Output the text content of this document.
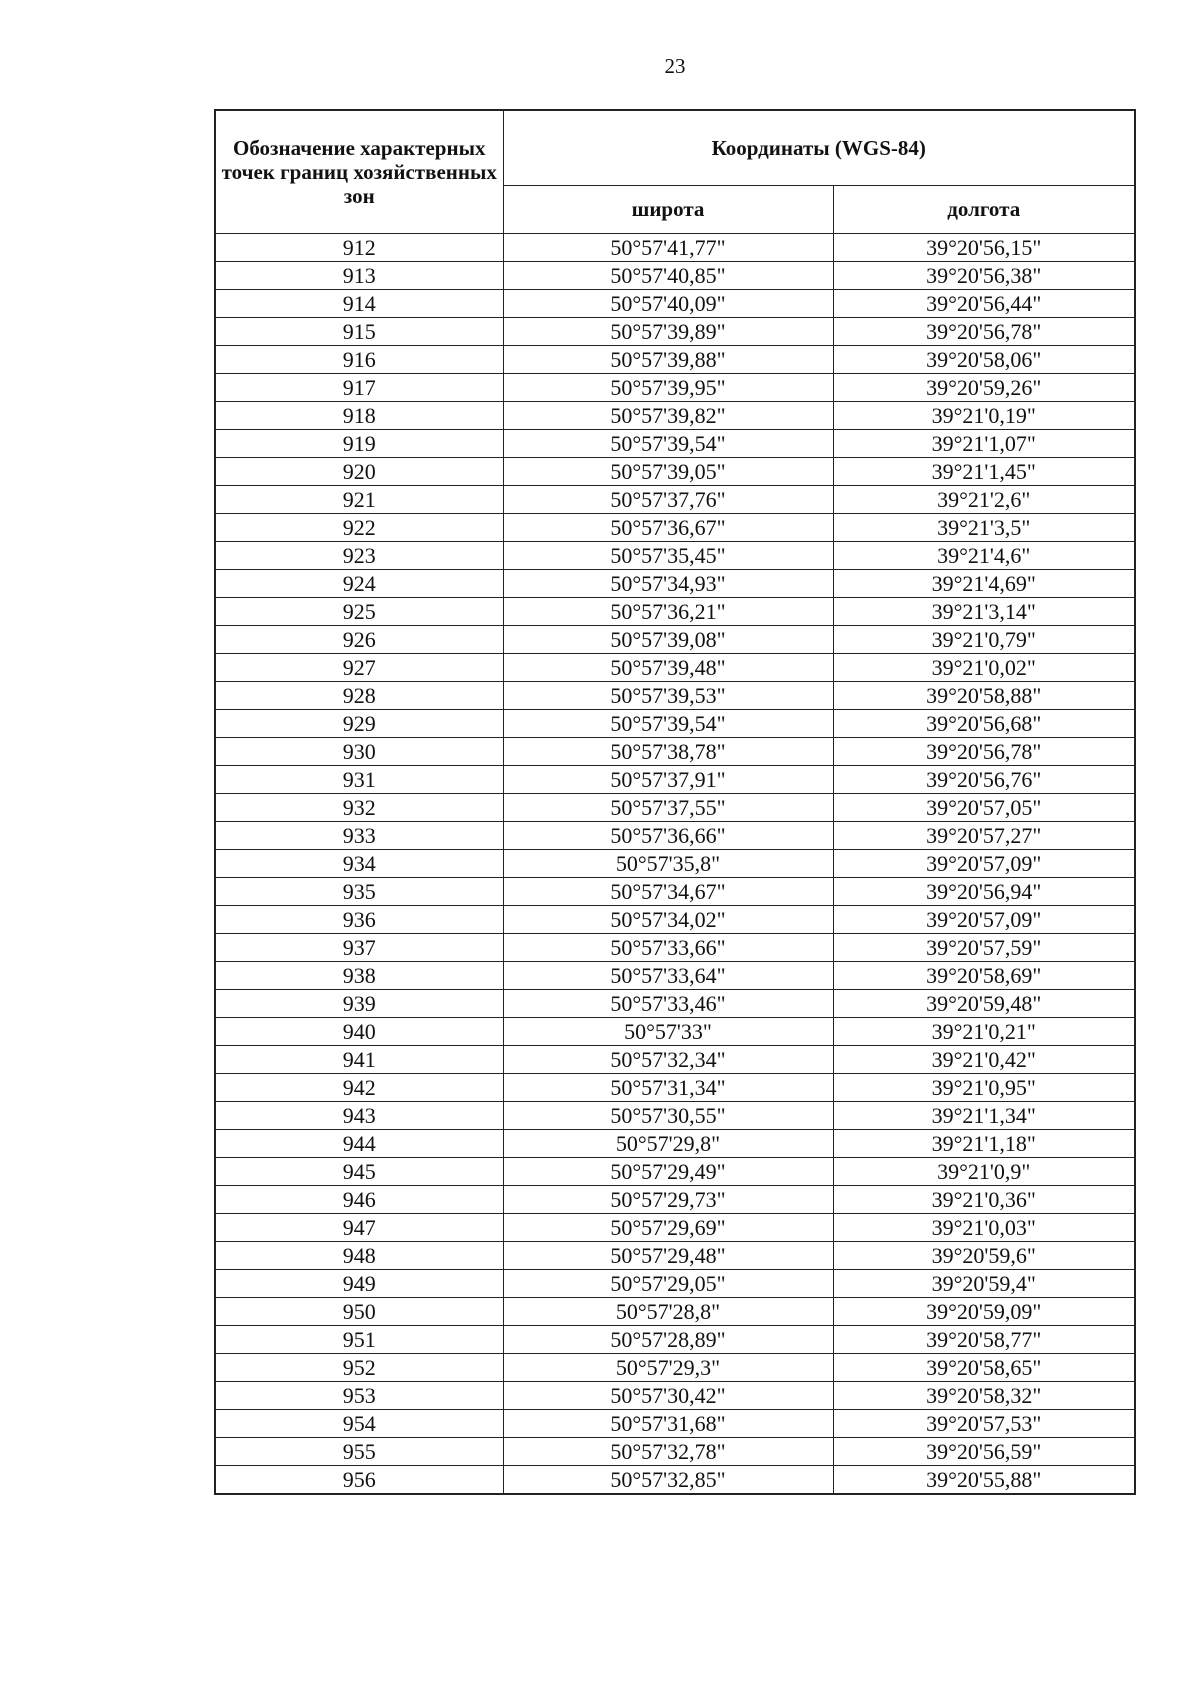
23
Обозначение характерных точек границ хозяйственных зон	Координаты (WGS-84)	
	широта	долгота
912	50°57'41,77"	39°20'56,15"
913	50°57'40,85"	39°20'56,38"
914	50°57'40,09"	39°20'56,44"
915	50°57'39,89"	39°20'56,78"
916	50°57'39,88"	39°20'58,06"
917	50°57'39,95"	39°20'59,26"
918	50°57'39,82"	39°21'0,19"
919	50°57'39,54"	39°21'1,07"
920	50°57'39,05"	39°21'1,45"
921	50°57'37,76"	39°21'2,6"
922	50°57'36,67"	39°21'3,5"
923	50°57'35,45"	39°21'4,6"
924	50°57'34,93"	39°21'4,69"
925	50°57'36,21"	39°21'3,14"
926	50°57'39,08"	39°21'0,79"
927	50°57'39,48"	39°21'0,02"
928	50°57'39,53"	39°20'58,88"
929	50°57'39,54"	39°20'56,68"
930	50°57'38,78"	39°20'56,78"
931	50°57'37,91"	39°20'56,76"
932	50°57'37,55"	39°20'57,05"
933	50°57'36,66"	39°20'57,27"
934	50°57'35,8"	39°20'57,09"
935	50°57'34,67"	39°20'56,94"
936	50°57'34,02"	39°20'57,09"
937	50°57'33,66"	39°20'57,59"
938	50°57'33,64"	39°20'58,69"
939	50°57'33,46"	39°20'59,48"
940	50°57'33"	39°21'0,21"
941	50°57'32,34"	39°21'0,42"
942	50°57'31,34"	39°21'0,95"
943	50°57'30,55"	39°21'1,34"
944	50°57'29,8"	39°21'1,18"
945	50°57'29,49"	39°21'0,9"
946	50°57'29,73"	39°21'0,36"
947	50°57'29,69"	39°21'0,03"
948	50°57'29,48"	39°20'59,6"
949	50°57'29,05"	39°20'59,4"
950	50°57'28,8"	39°20'59,09"
951	50°57'28,89"	39°20'58,77"
952	50°57'29,3"	39°20'58,65"
953	50°57'30,42"	39°20'58,32"
954	50°57'31,68"	39°20'57,53"
955	50°57'32,78"	39°20'56,59"
956	50°57'32,85"	39°20'55,88"
